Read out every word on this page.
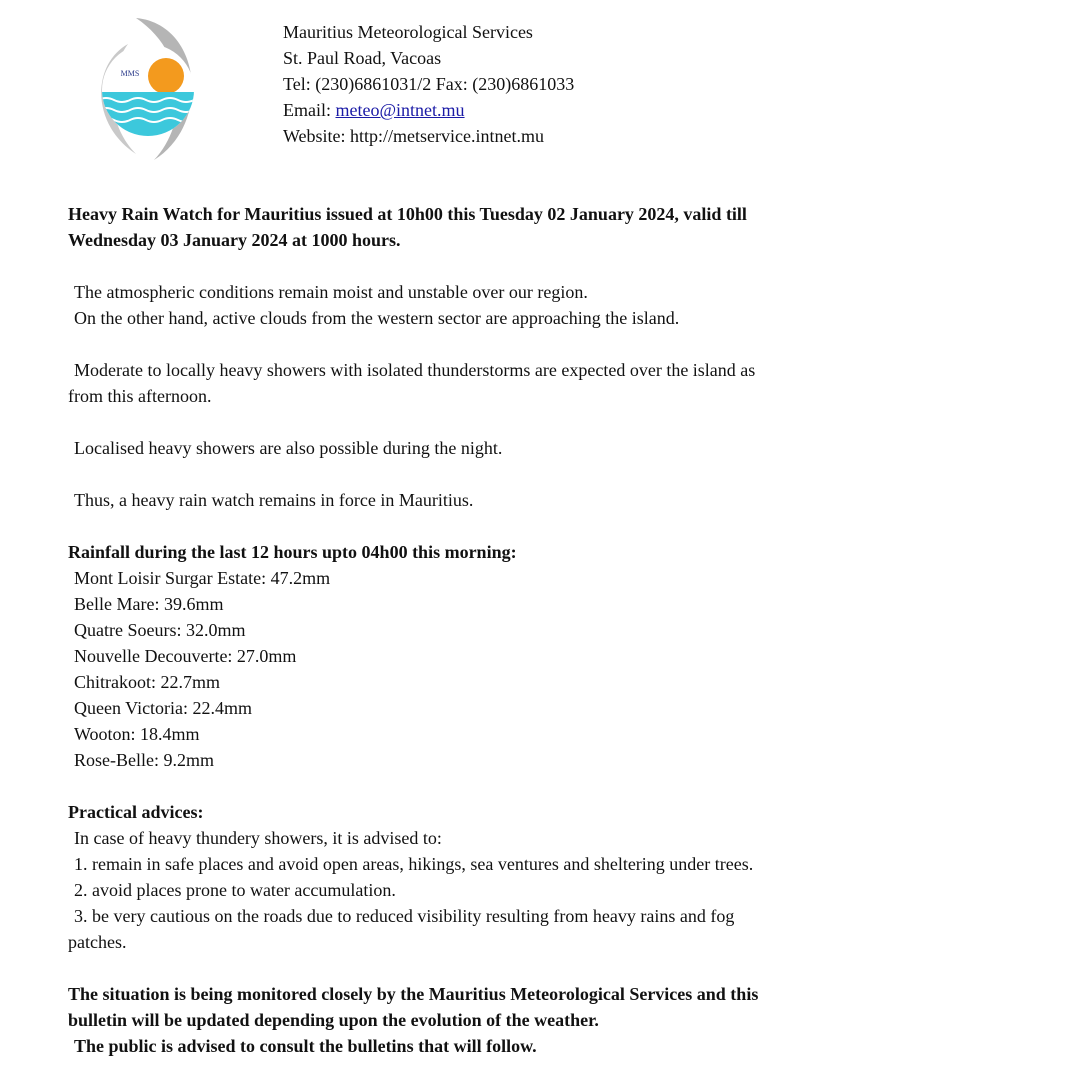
MMS
Mauritius Meteorological Services
St. Paul Road, Vacoas
Tel: (230)6861031/2 Fax: (230)6861033
Email: meteo@intnet.mu
Website: http://metservice.intnet.mu

Heavy Rain Watch for Mauritius issued at 10h00 this Tuesday 02 January 2024, valid till

Wednesday 03 January 2024 at 1000 hours.

The atmospheric conditions remain moist and unstable over our region.

On the other hand, active clouds from the western sector are approaching the island.

Moderate to locally heavy showers with isolated thunderstorms are expected over the island as

from this afternoon.

Localised heavy showers are also possible during the night.

Thus, a heavy rain watch remains in force in Mauritius.

Rainfall during the last 12 hours upto 04h00 this morning:

Mont Loisir Surgar Estate: 47.2mm
Belle Mare: 39.6mm
Quatre Soeurs: 32.0mm
Nouvelle Decouverte: 27.0mm
Chitrakoot: 22.7mm
Queen Victoria: 22.4mm
Wooton: 18.4mm
Rose-Belle: 9.2mm

Practical advices:

In case of heavy thundery showers, it is advised to:
1. remain in safe places and avoid open areas, hikings, sea ventures and sheltering under trees.
2. avoid places prone to water accumulation.
3. be very cautious on the roads due to reduced visibility resulting from heavy rains and fog

patches.

The situation is being monitored closely by the Mauritius Meteorological Services and this

bulletin will be updated depending upon the evolution of the weather.

The public is advised to consult the bulletins that will follow.
